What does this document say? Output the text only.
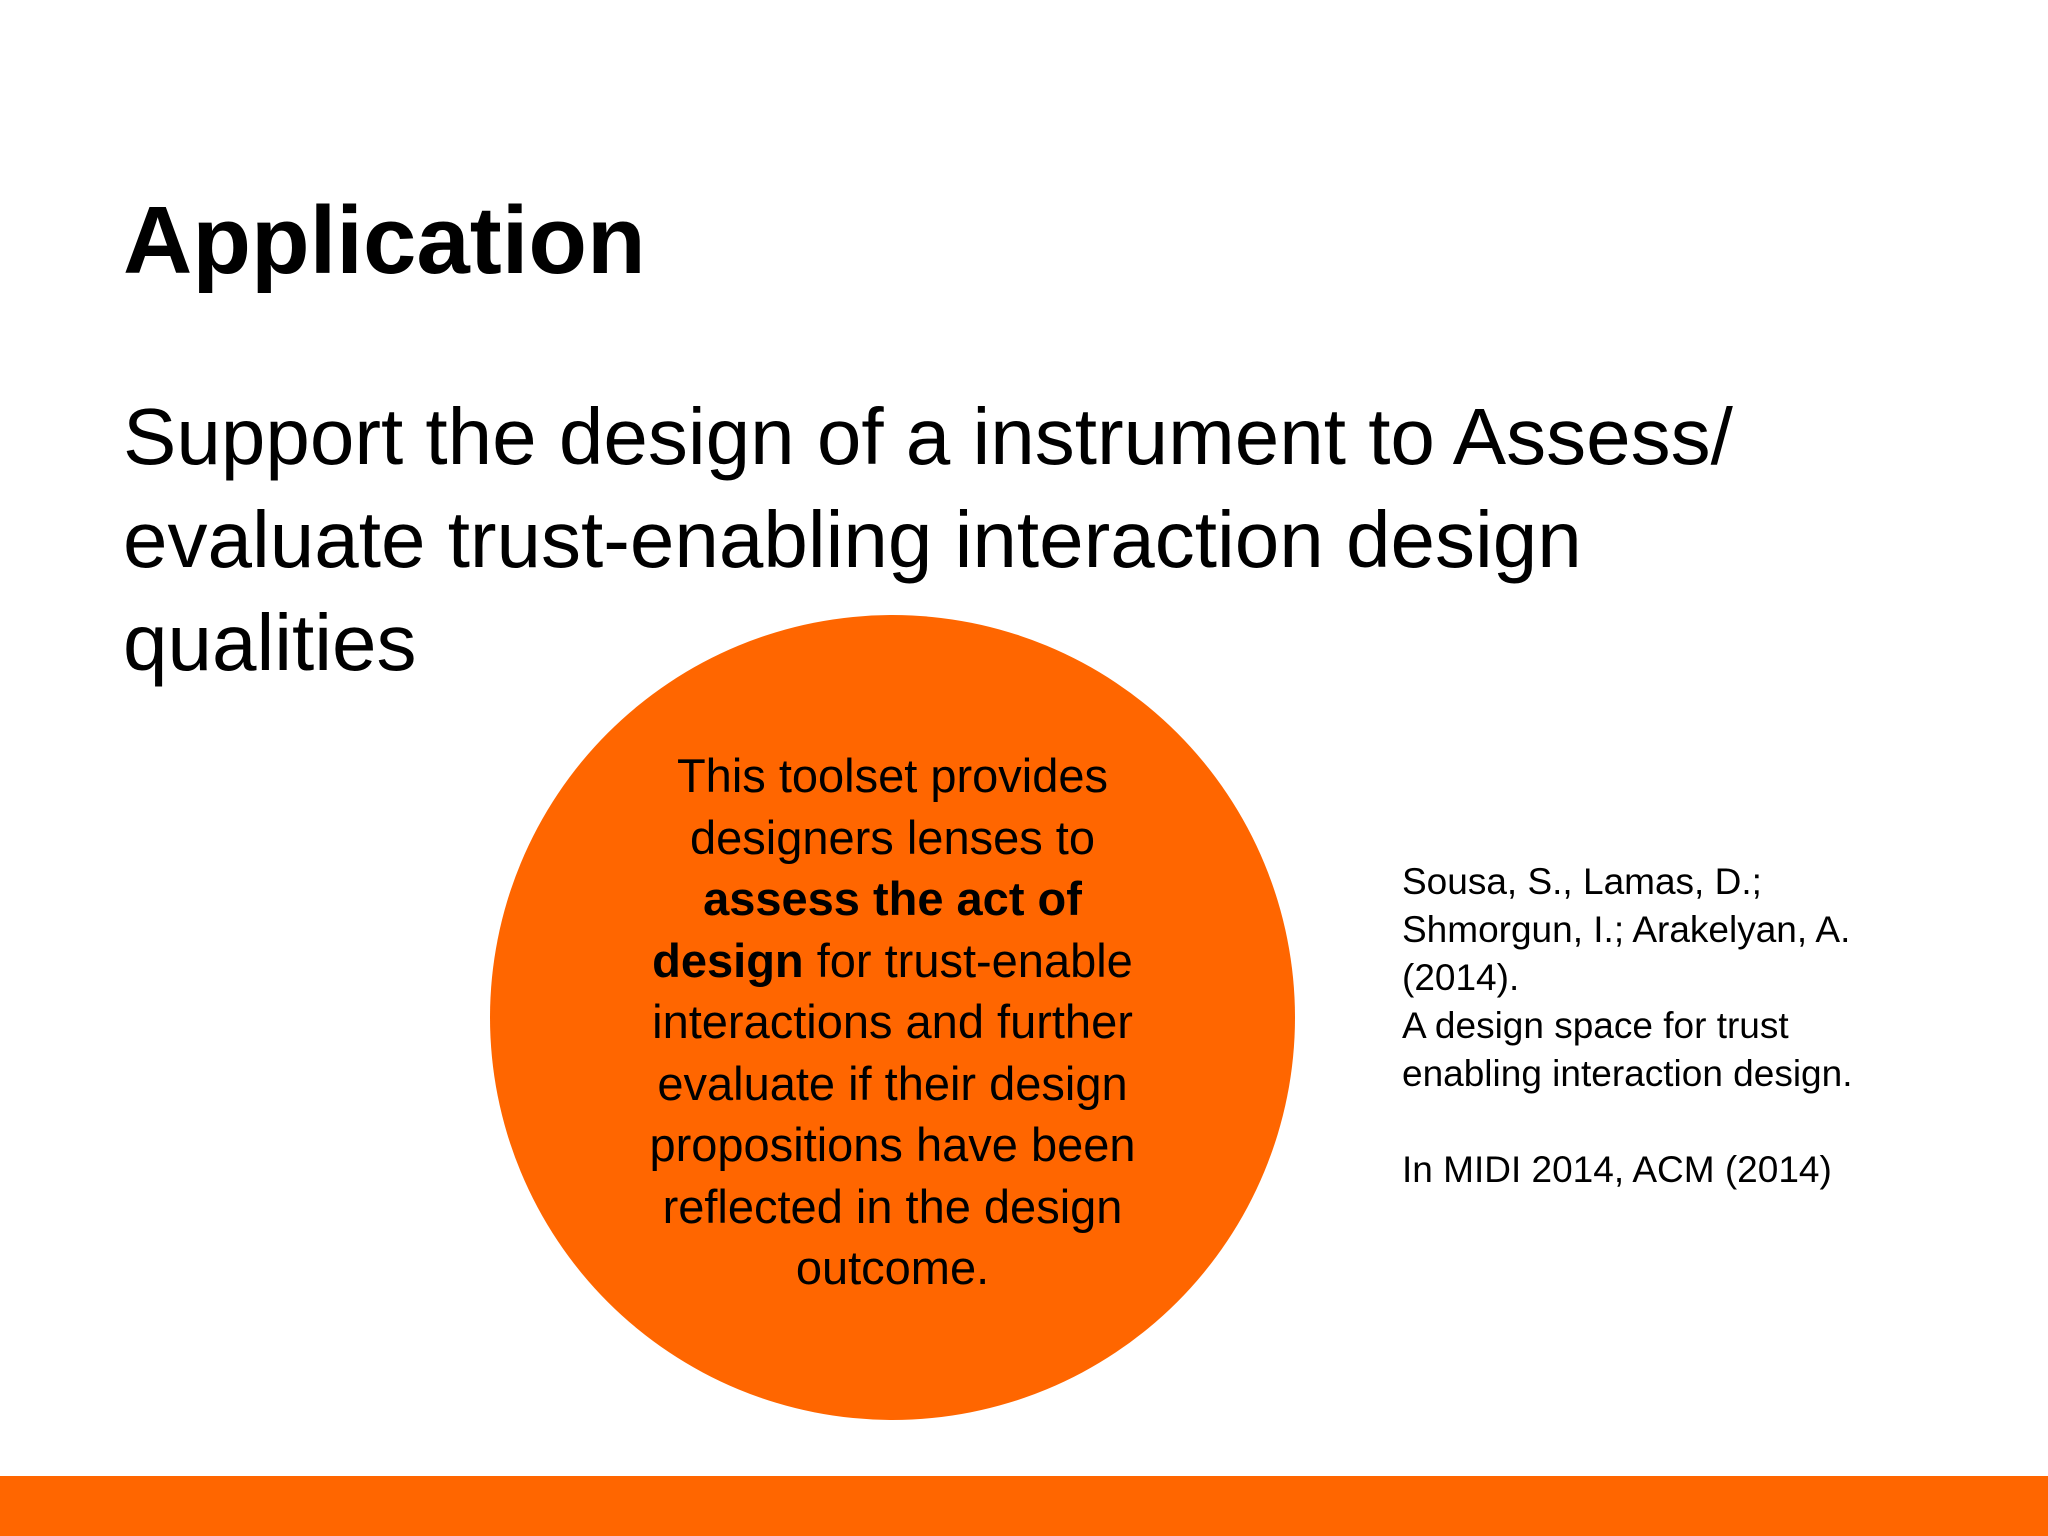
Application

Support the design of a instrument to Assess/
evaluate trust-enabling interaction design
qualities

This toolset provides
designers lenses to
assess the act of
design for trust-enable
interactions and further
evaluate if their design
propositions have been
reflected in the design
outcome.

Sousa, S., Lamas, D.;
Shmorgun, I.; Arakelyan, A.
(2014).
A design space for trust
enabling interaction design.
In MIDI 2014, ACM (2014)
